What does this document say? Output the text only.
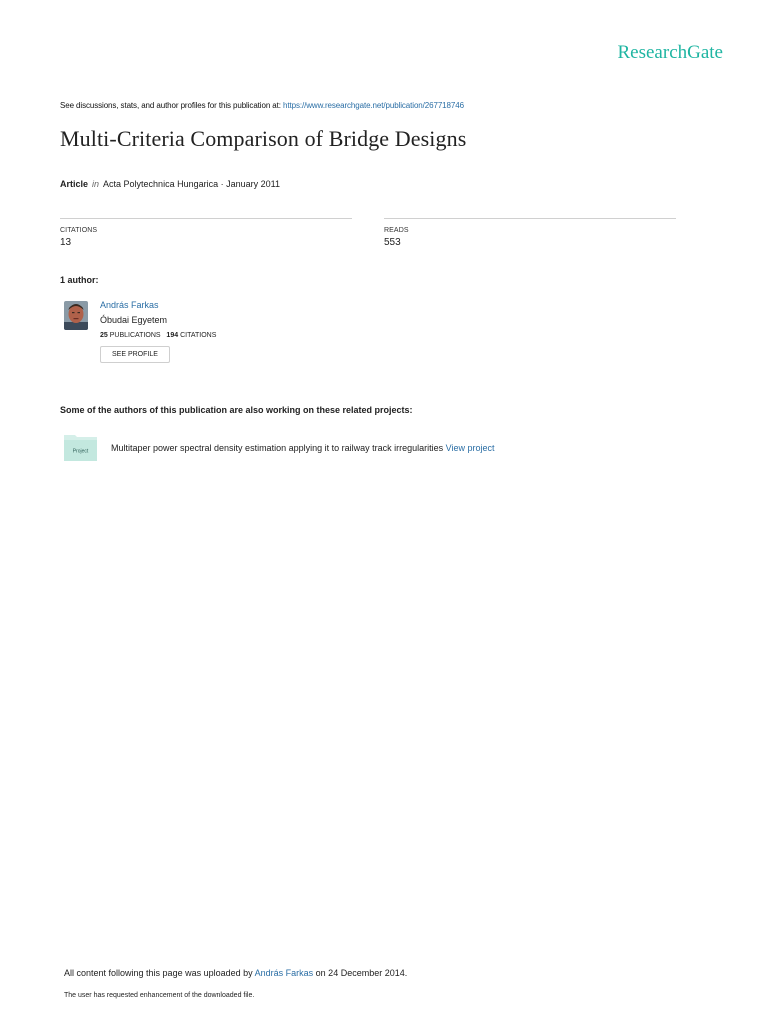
ResearchGate
See discussions, stats, and author profiles for this publication at: https://www.researchgate.net/publication/267718746
Multi-Criteria Comparison of Bridge Designs
Article in Acta Polytechnica Hungarica · January 2011
CITATIONS
13
READS
553
1 author:
András Farkas
Óbudai Egyetem
25 PUBLICATIONS 194 CITATIONS
SEE PROFILE
Some of the authors of this publication are also working on these related projects:
Project	Multitaper power spectral density estimation applying it to railway track irregularities View project
All content following this page was uploaded by András Farkas on 24 December 2014.
The user has requested enhancement of the downloaded file.
